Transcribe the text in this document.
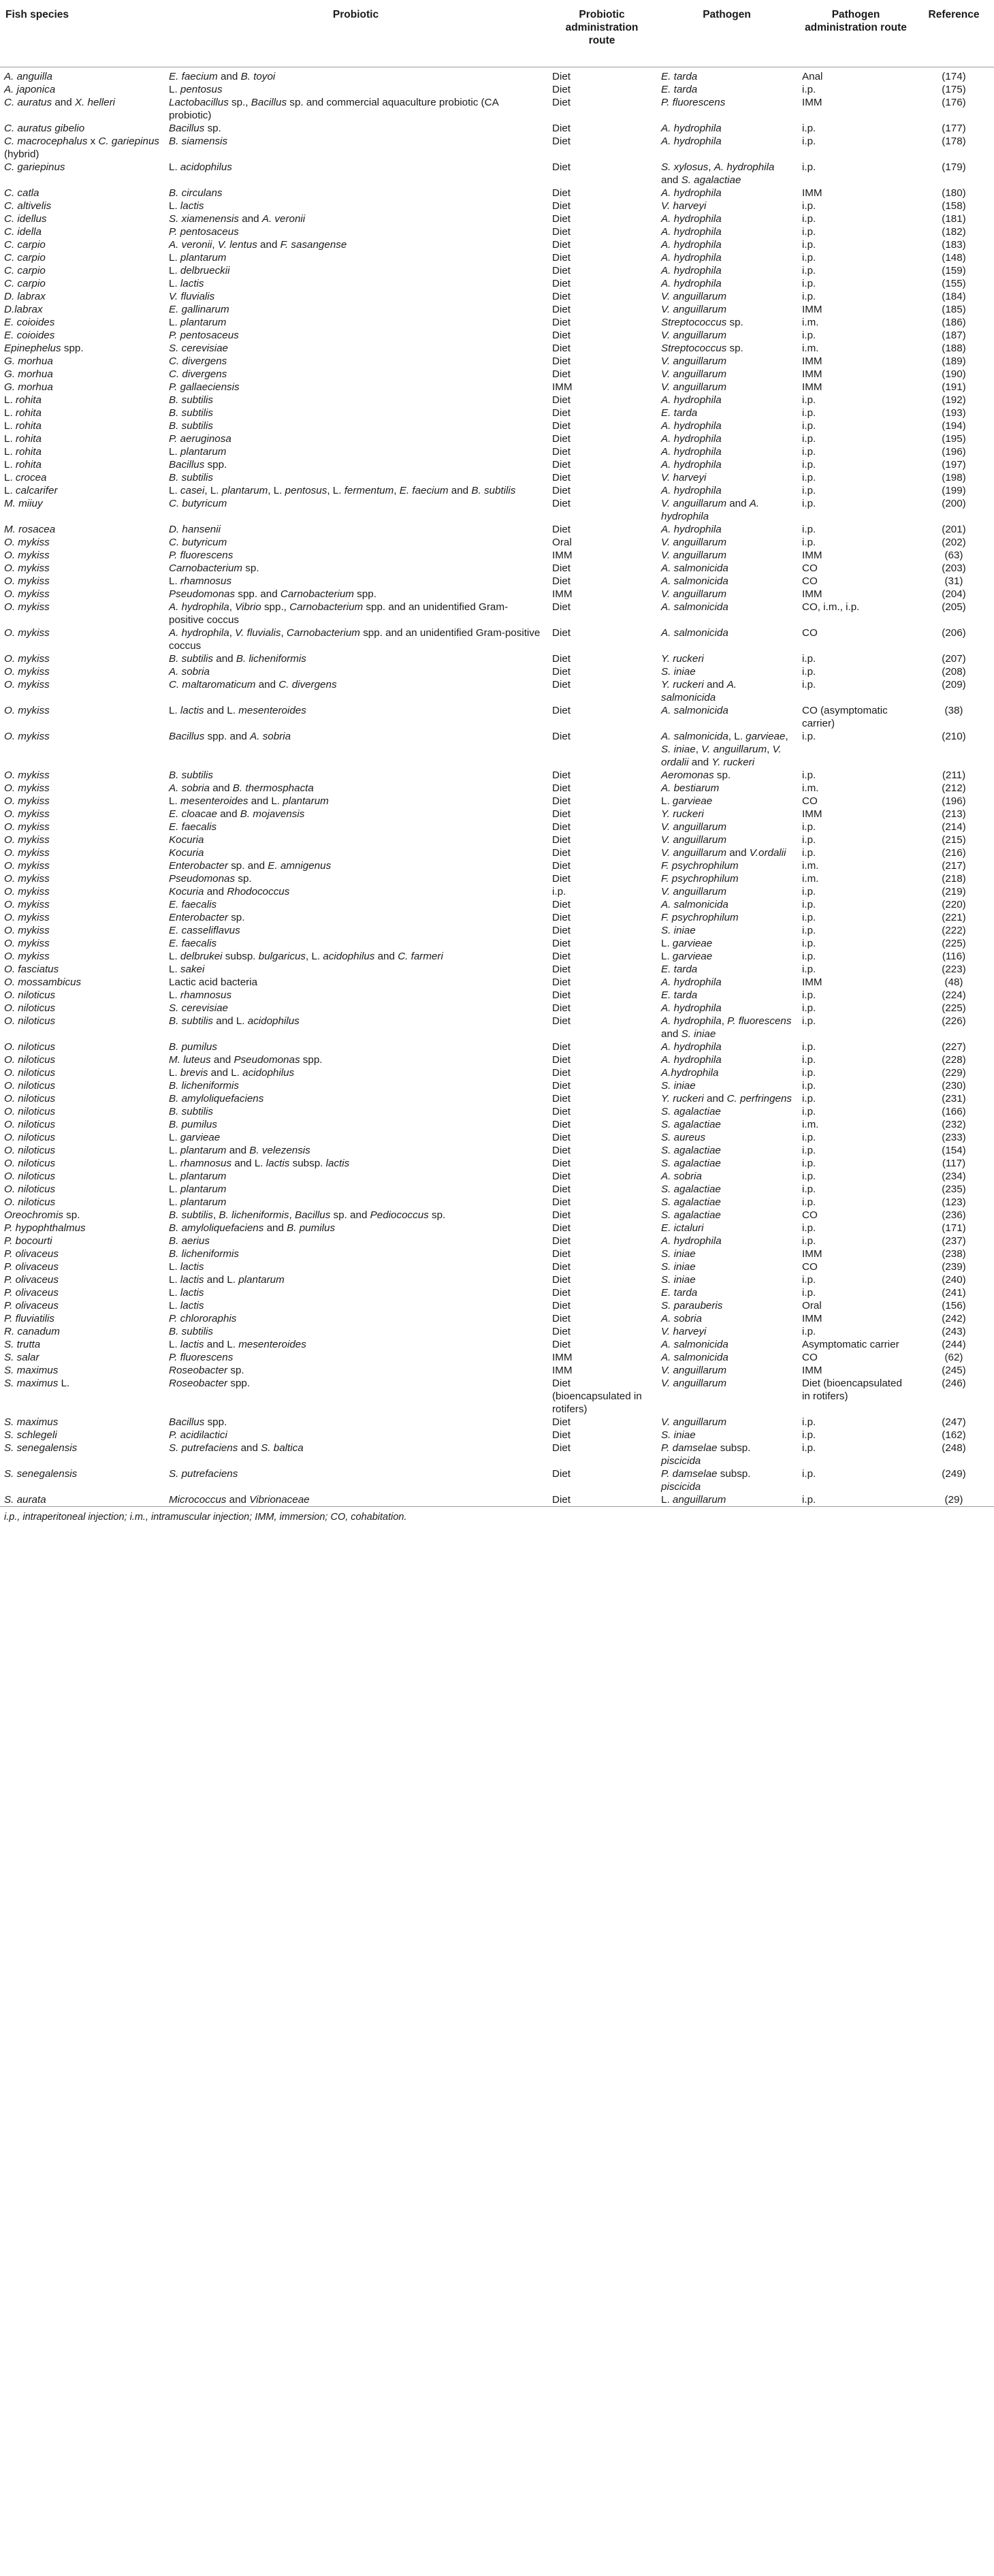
Fish species	Probiotic	Probiotic administration route	Pathogen	Pathogen administration route	Reference
A. anguilla	E. faecium and B. toyoi	Diet	E. tarda	Anal	(174)
A. japonica	L. pentosus	Diet	E. tarda	i.p.	(175)
C. auratus and X. helleri	Lactobacillus sp., Bacillus sp. and commercial aquaculture probiotic (CA probiotic)	Diet	P. fluorescens	IMM	(176)
C. auratus gibelio	Bacillus sp.	Diet	A. hydrophila	i.p.	(177)
C. macrocephalus x C. gariepinus (hybrid)	B. siamensis	Diet	A. hydrophila	i.p.	(178)
C. gariepinus	L. acidophilus	Diet	S. xylosus, A. hydrophila and S. agalactiae	i.p.	(179)
C. catla	B. circulans	Diet	A. hydrophila	IMM	(180)
C. altivelis	L. lactis	Diet	V. harveyi	i.p.	(158)
C. idellus	S. xiamenensis and A. veronii	Diet	A. hydrophila	i.p.	(181)
C. idella	P. pentosaceus	Diet	A. hydrophila	i.p.	(182)
C. carpio	A. veronii, V. lentus and F. sasangense	Diet	A. hydrophila	i.p.	(183)
C. carpio	L. plantarum	Diet	A. hydrophila	i.p.	(148)
C. carpio	L. delbrueckii	Diet	A. hydrophila	i.p.	(159)
C. carpio	L. lactis	Diet	A. hydrophila	i.p.	(155)
D. labrax	V. fluvialis	Diet	V. anguillarum	i.p.	(184)
D.labrax	E. gallinarum	Diet	V. anguillarum	IMM	(185)
E. coioides	L. plantarum	Diet	Streptococcus sp.	i.m.	(186)
E. coioides	P. pentosaceus	Diet	V. anguillarum	i.p.	(187)
Epinephelus spp.	S. cerevisiae	Diet	Streptococcus sp.	i.m.	(188)
G. morhua	C. divergens	Diet	V. anguillarum	IMM	(189)
G. morhua	C. divergens	Diet	V. anguillarum	IMM	(190)
G. morhua	P. gallaeciensis	IMM	V. anguillarum	IMM	(191)
L. rohita	B. subtilis	Diet	A. hydrophila	i.p.	(192)
L. rohita	B. subtilis	Diet	E. tarda	i.p.	(193)
L. rohita	B. subtilis	Diet	A. hydrophila	i.p.	(194)
L. rohita	P. aeruginosa	Diet	A. hydrophila	i.p.	(195)
L. rohita	L. plantarum	Diet	A. hydrophila	i.p.	(196)
L. rohita	Bacillus spp.	Diet	A. hydrophila	i.p.	(197)
L. crocea	B. subtilis	Diet	V. harveyi	i.p.	(198)
L. calcarifer	L. casei, L. plantarum, L. pentosus, L. fermentum, E. faecium and B. subtilis	Diet	A. hydrophila	i.p.	(199)
M. miiuy	C. butyricum	Diet	V. anguillarum and A. hydrophila	i.p.	(200)
M. rosacea	D. hansenii	Diet	A. hydrophila	i.p.	(201)
O. mykiss	C. butyricum	Oral	V. anguillarum	i.p.	(202)
O. mykiss	P. fluorescens	IMM	V. anguillarum	IMM	(63)
O. mykiss	Carnobacterium sp.	Diet	A. salmonicida	CO	(203)
O. mykiss	L. rhamnosus	Diet	A. salmonicida	CO	(31)
O. mykiss	Pseudomonas spp. and Carnobacterium spp.	IMM	V. anguillarum	IMM	(204)
O. mykiss	A. hydrophila, Vibrio spp., Carnobacterium spp. and an unidentified Gram-positive coccus	Diet	A. salmonicida	CO, i.m., i.p.	(205)
O. mykiss	A. hydrophila, V. fluvialis, Carnobacterium spp. and an unidentified Gram-positive coccus	Diet	A. salmonicida	CO	(206)
O. mykiss	B. subtilis and B. licheniformis	Diet	Y. ruckeri	i.p.	(207)
O. mykiss	A. sobria	Diet	S. iniae	i.p.	(208)
O. mykiss	C. maltaromaticum and C. divergens	Diet	Y. ruckeri and A. salmonicida	i.p.	(209)
O. mykiss	L. lactis and L. mesenteroides	Diet	A. salmonicida	CO (asymptomatic carrier)	(38)
O. mykiss	Bacillus spp. and A. sobria	Diet	A. salmonicida, L. garvieae, S. iniae, V. anguillarum, V. ordalii and Y. ruckeri	i.p.	(210)
O. mykiss	B. subtilis	Diet	Aeromonas sp.	i.p.	(211)
O. mykiss	A. sobria and B. thermosphacta	Diet	A. bestiarum	i.m.	(212)
O. mykiss	L. mesenteroides and L. plantarum	Diet	L. garvieae	CO	(196)
O. mykiss	E. cloacae and B. mojavensis	Diet	Y. ruckeri	IMM	(213)
O. mykiss	E. faecalis	Diet	V. anguillarum	i.p.	(214)
O. mykiss	Kocuria	Diet	V. anguillarum	i.p.	(215)
O. mykiss	Kocuria	Diet	V. anguillarum and V.ordalii	i.p.	(216)
O. mykiss	Enterobacter sp. and E. amnigenus	Diet	F. psychrophilum	i.m.	(217)
O. mykiss	Pseudomonas sp.	Diet	F. psychrophilum	i.m.	(218)
O. mykiss	Kocuria and Rhodococcus	i.p.	V. anguillarum	i.p.	(219)
O. mykiss	E. faecalis	Diet	A. salmonicida	i.p.	(220)
O. mykiss	Enterobacter sp.	Diet	F. psychrophilum	i.p.	(221)
O. mykiss	E. casseliflavus	Diet	S. iniae	i.p.	(222)
O. mykiss	E. faecalis	Diet	L. garvieae	i.p.	(225)
O. mykiss	L. delbrukei subsp. bulgaricus, L. acidophilus and C. farmeri	Diet	L. garvieae	i.p.	(116)
O. fasciatus	L. sakei	Diet	E. tarda	i.p.	(223)
O. mossambicus	Lactic acid bacteria	Diet	A. hydrophila	IMM	(48)
O. niloticus	L. rhamnosus	Diet	E. tarda	i.p.	(224)
O. niloticus	S. cerevisiae	Diet	A. hydrophila	i.p.	(225)
O. niloticus	B. subtilis and L. acidophilus	Diet	A. hydrophila, P. fluorescens and S. iniae	i.p.	(226)
O. niloticus	B. pumilus	Diet	A. hydrophila	i.p.	(227)
O. niloticus	M. luteus and Pseudomonas spp.	Diet	A. hydrophila	i.p.	(228)
O. niloticus	L. brevis and L. acidophilus	Diet	A.hydrophila	i.p.	(229)
O. niloticus	B. licheniformis	Diet	S. iniae	i.p.	(230)
O. niloticus	B. amyloliquefaciens	Diet	Y. ruckeri and C. perfringens	i.p.	(231)
O. niloticus	B. subtilis	Diet	S. agalactiae	i.p.	(166)
O. niloticus	B. pumilus	Diet	S. agalactiae	i.m.	(232)
O. niloticus	L. garvieae	Diet	S. aureus	i.p.	(233)
O. niloticus	L. plantarum and B. velezensis	Diet	S. agalactiae	i.p.	(154)
O. niloticus	L. rhamnosus and L. lactis subsp. lactis	Diet	S. agalactiae	i.p.	(117)
O. niloticus	L. plantarum	Diet	A. sobria	i.p.	(234)
O. niloticus	L. plantarum	Diet	S. agalactiae	i.p.	(235)
O. niloticus	L. plantarum	Diet	S. agalactiae	i.p.	(123)
Oreochromis sp.	B. subtilis, B. licheniformis, Bacillus sp. and Pediococcus sp.	Diet	S. agalactiae	CO	(236)
P. hypophthalmus	B. amyloliquefaciens and B. pumilus	Diet	E. ictaluri	i.p.	(171)
P. bocourti	B. aerius	Diet	A. hydrophila	i.p.	(237)
P. olivaceus	B. licheniformis	Diet	S. iniae	IMM	(238)
P. olivaceus	L. lactis	Diet	S. iniae	CO	(239)
P. olivaceus	L. lactis and L. plantarum	Diet	S. iniae	i.p.	(240)
P. olivaceus	L. lactis	Diet	E. tarda	i.p.	(241)
P. olivaceus	L. lactis	Diet	S. parauberis	Oral	(156)
P. fluviatilis	P. chlororaphis	Diet	A. sobria	IMM	(242)
R. canadum	B. subtilis	Diet	V. harveyi	i.p.	(243)
S. trutta	L. lactis and L. mesenteroides	Diet	A. salmonicida	Asymptomatic carrier	(244)
S. salar	P. fluorescens	IMM	A. salmonicida	CO	(62)
S. maximus	Roseobacter sp.	IMM	V. anguillarum	IMM	(245)
S. maximus L.	Roseobacter spp.	Diet (bioencapsulated in rotifers)	V. anguillarum	Diet (bioencapsulated in rotifers)	(246)
S. maximus	Bacillus spp.	Diet	V. anguillarum	i.p.	(247)
S. schlegeli	P. acidilactici	Diet	S. iniae	i.p.	(162)
S. senegalensis	S. putrefaciens and S. baltica	Diet	P. damselae subsp. piscicida	i.p.	(248)
S. senegalensis	S. putrefaciens	Diet	P. damselae subsp. piscicida	i.p.	(249)
S. aurata	Micrococcus and Vibrionaceae	Diet	L. anguillarum	i.p.	(29)
i.p., intraperitoneal injection; i.m., intramuscular injection; IMM, immersion; CO, cohabitation.					
